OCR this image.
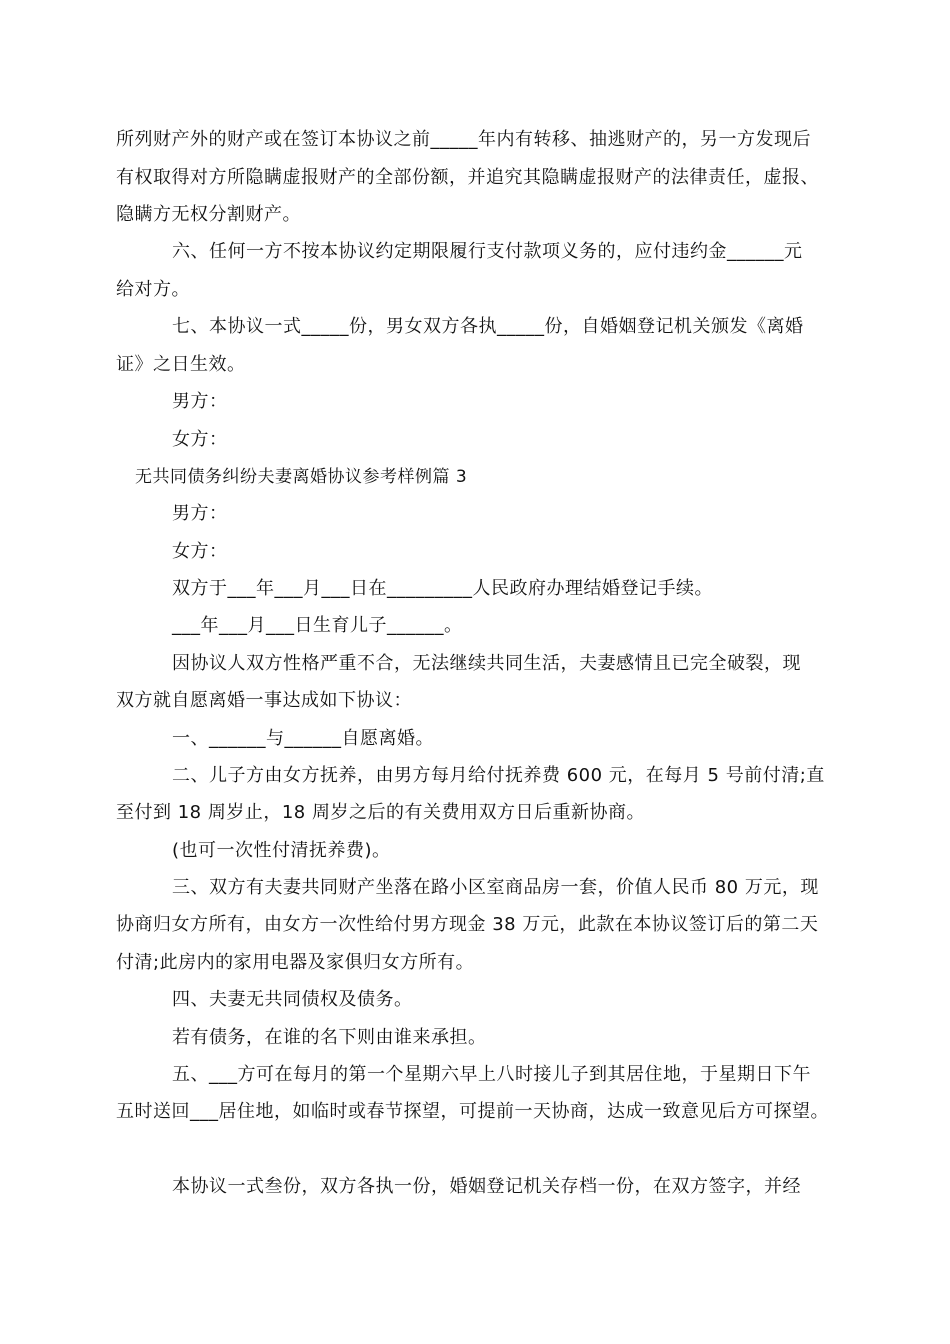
所列财产外的财产或在签订本协议之前_____年内有转移、抽逃财产的，另一方发现后
有权取得对方所隐瞒虚报财产的全部份额，并追究其隐瞒虚报财产的法律责任，虚报、
隐瞒方无权分割财产。
六、任何一方不按本协议约定期限履行支付款项义务的，应付违约金______元
给对方。
七、本协议一式_____份，男女双方各执_____份，自婚姻登记机关颁发《离婚
证》之日生效。
男方：
女方：
无共同债务纠纷夫妻离婚协议参考样例篇 3
男方：
女方：
双方于___年___月___日在_________人民政府办理结婚登记手续。
___年___月___日生育儿子______。
因协议人双方性格严重不合，无法继续共同生活，夫妻感情且已完全破裂，现
双方就自愿离婚一事达成如下协议：
一、______与______自愿离婚。
二、儿子方由女方抚养，由男方每月给付抚养费 600 元，在每月 5 号前付清;直
至付到 18 周岁止，18 周岁之后的有关费用双方日后重新协商。
(也可一次性付清抚养费)。
三、双方有夫妻共同财产坐落在路小区室商品房一套，价值人民币 80 万元，现
协商归女方所有，由女方一次性给付男方现金 38 万元，此款在本协议签订后的第二天
付清;此房内的家用电器及家俱归女方所有。
四、夫妻无共同债权及债务。
若有债务，在谁的名下则由谁来承担。
五、___方可在每月的第一个星期六早上八时接儿子到其居住地，于星期日下午
五时送回___居住地，如临时或春节探望，可提前一天协商，达成一致意见后方可探望。
本协议一式叁份，双方各执一份，婚姻登记机关存档一份，在双方签字，并经
